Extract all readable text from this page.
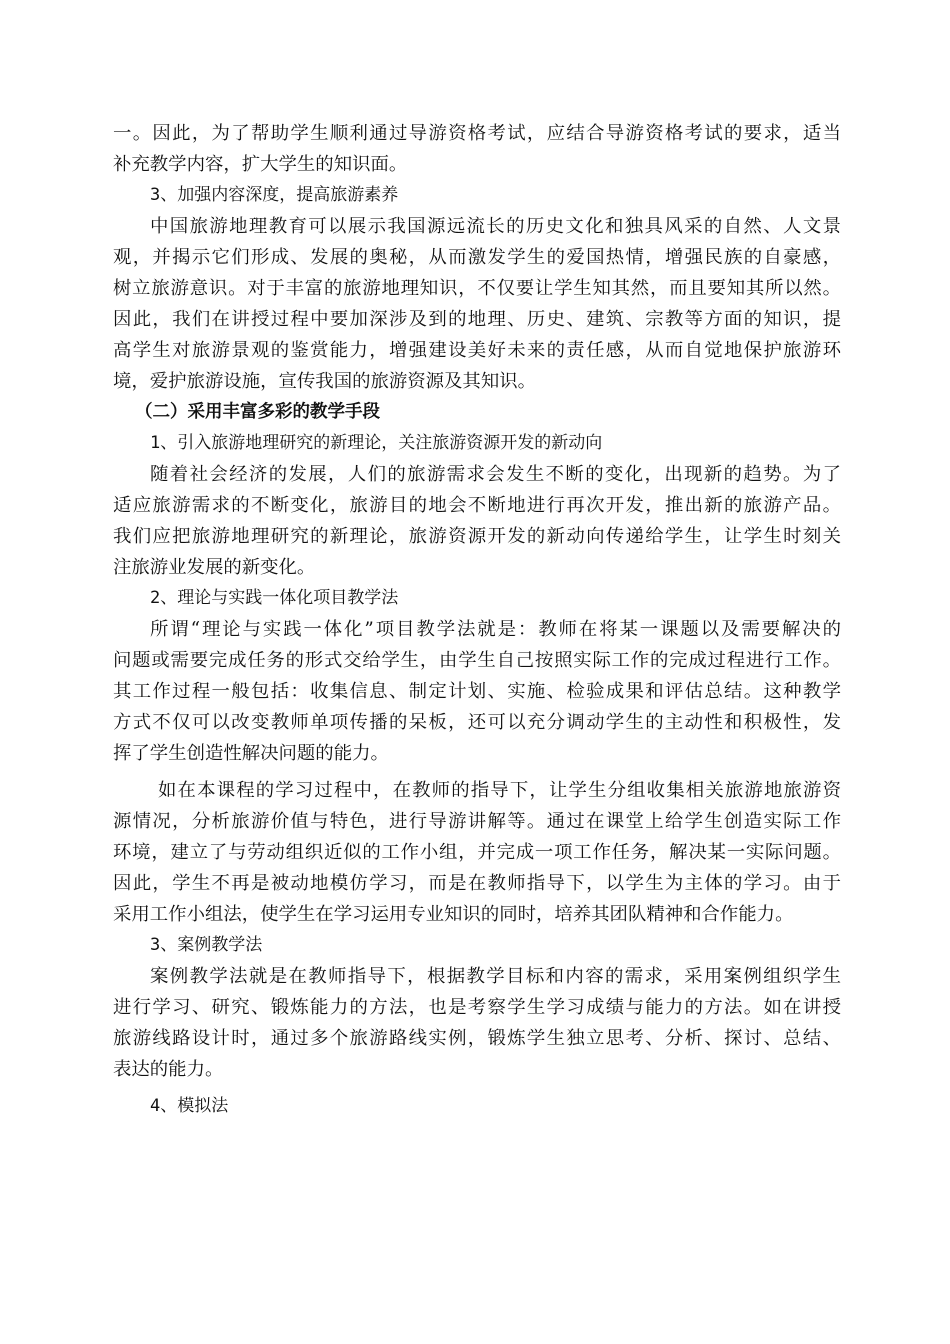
一。因此，为了帮助学生顺利通过导游资格考试，应结合导游资格考试的要求，适当
补充教学内容，扩大学生的知识面。
3、加强内容深度，提高旅游素养
中国旅游地理教育可以展示我国源远流长的历史文化和独具风采的自然、人文景
观，并揭示它们形成、发展的奥秘，从而激发学生的爱国热情，增强民族的自豪感，
树立旅游意识。对于丰富的旅游地理知识，不仅要让学生知其然，而且要知其所以然。
因此，我们在讲授过程中要加深涉及到的地理、历史、建筑、宗教等方面的知识，提
高学生对旅游景观的鉴赏能力，增强建设美好未来的责任感，从而自觉地保护旅游环
境，爱护旅游设施，宣传我国的旅游资源及其知识。
（二）采用丰富多彩的教学手段
1、引入旅游地理研究的新理论，关注旅游资源开发的新动向
随着社会经济的发展，人们的旅游需求会发生不断的变化，出现新的趋势。为了
适应旅游需求的不断变化，旅游目的地会不断地进行再次开发，推出新的旅游产品。
我们应把旅游地理研究的新理论，旅游资源开发的新动向传递给学生，让学生时刻关
注旅游业发展的新变化。
2、理论与实践一体化项目教学法
所谓“理论与实践一体化”项目教学法就是：教师在将某一课题以及需要解决的
问题或需要完成任务的形式交给学生，由学生自己按照实际工作的完成过程进行工作。
其工作过程一般包括：收集信息、制定计划、实施、检验成果和评估总结。这种教学
方式不仅可以改变教师单项传播的呆板，还可以充分调动学生的主动性和积极性，发
挥了学生创造性解决问题的能力。
如在本课程的学习过程中，在教师的指导下，让学生分组收集相关旅游地旅游资
源情况，分析旅游价值与特色，进行导游讲解等。通过在课堂上给学生创造实际工作
环境，建立了与劳动组织近似的工作小组，并完成一项工作任务，解决某一实际问题。
因此，学生不再是被动地模仿学习，而是在教师指导下，以学生为主体的学习。由于
采用工作小组法，使学生在学习运用专业知识的同时，培养其团队精神和合作能力。
3、案例教学法
案例教学法就是在教师指导下，根据教学目标和内容的需求，采用案例组织学生
进行学习、研究、锻炼能力的方法，也是考察学生学习成绩与能力的方法。如在讲授
旅游线路设计时，通过多个旅游路线实例，锻炼学生独立思考、分析、探讨、总结、
表达的能力。
4、模拟法
